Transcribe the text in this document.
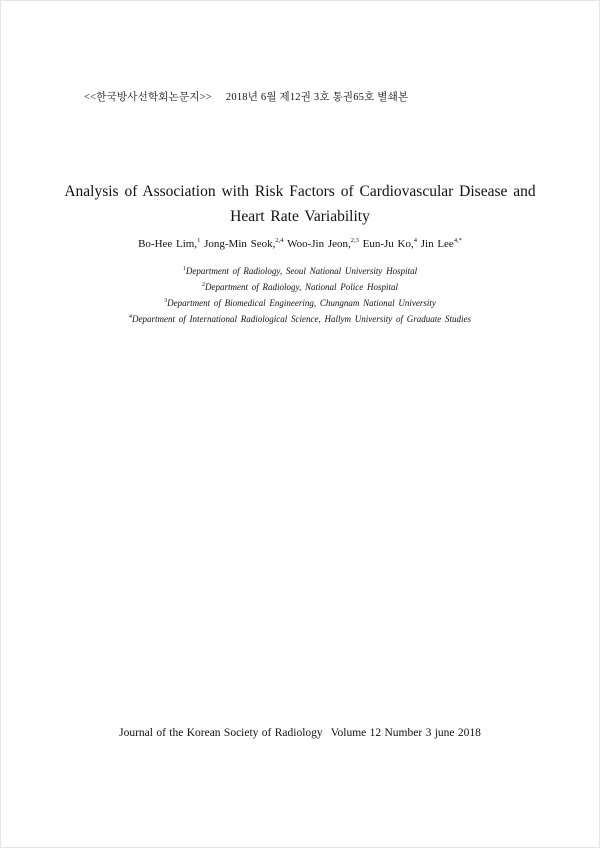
<<한국방사선학회논문지>> 2018년 6월 제12권 3호 통권65호 별쇄본
Analysis of Association with Risk Factors of Cardiovascular Disease and
Heart Rate Variability
Bo-Hee Lim,$^1$ Jong-Min Seok,$^{2,4}$ Woo-Jin Jeon,$^{2,3}$ Eun-Ju Ko,$^4$ Jin Lee$^{4,*}$
$^1$Department of Radiology, Seoul National University Hospital
$^2$Department of Radiology, National Police Hospital
$^3$Department of Biomedical Engineering, Chungnam National University
$^4$Department of International Radiological Science, Hallym University of Graduate Studies
Journal of the Korean Society of Radiology Volume 12 Number 3 june 2018
